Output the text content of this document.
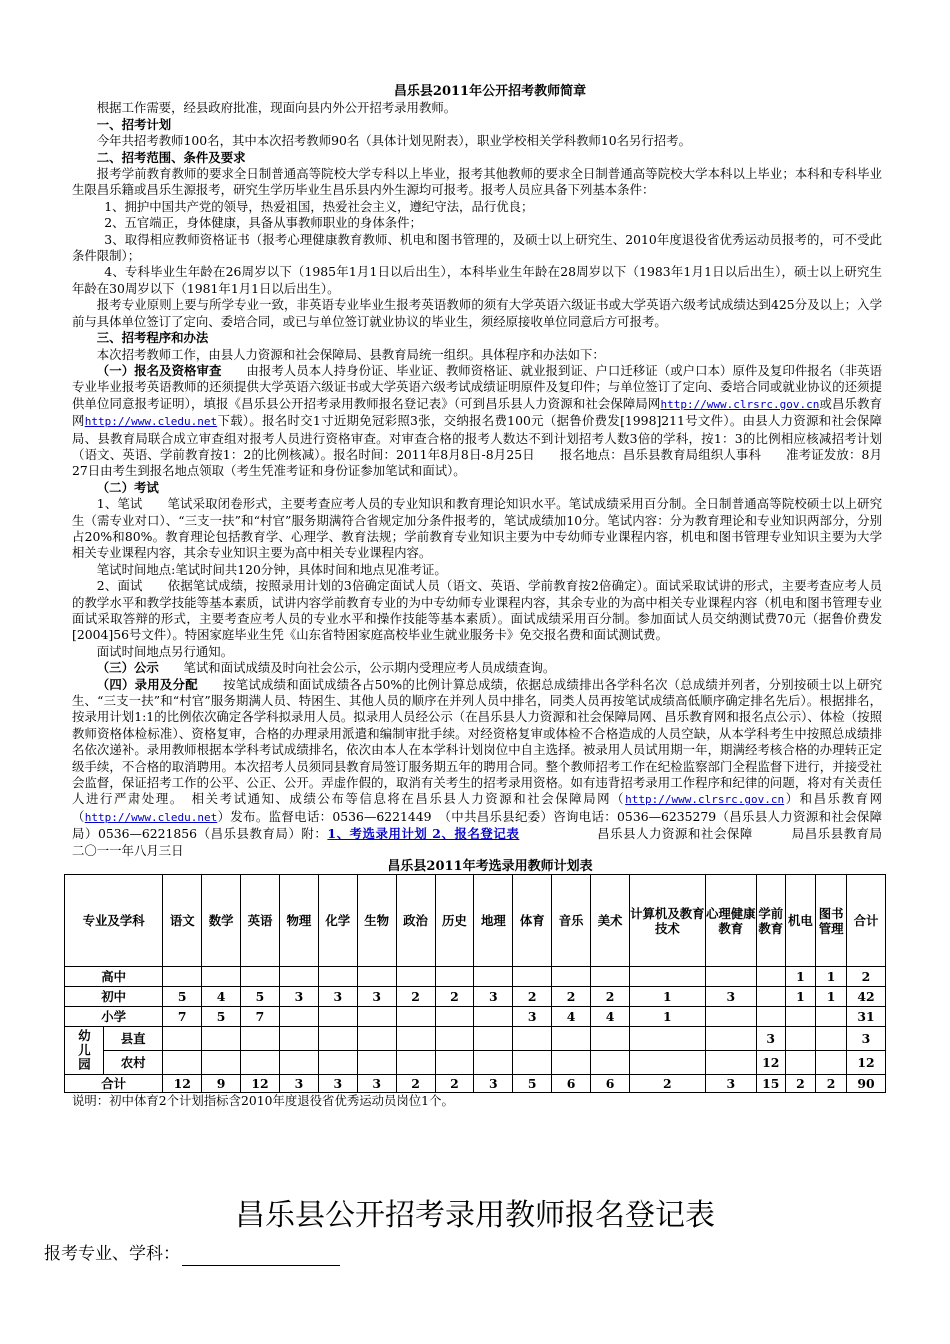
昌乐县2011年公开招考教师简章

根据工作需要，经县政府批准，现面向县内外公开招考录用教师。

一、招考计划

今年共招考教师100名，其中本次招考教师90名（具体计划见附表），职业学校相关学科教师10名另行招考。

二、招考范围、条件及要求

报考学前教育教师的要求全日制普通高等院校大学专科以上毕业，报考其他教师的要求全日制普通高等院校大学本科以上毕业；本科和专科毕业生限昌乐籍或昌乐生源报考，研究生学历毕业生昌乐县内外生源均可报考。报考人员应具备下列基本条件：

1、拥护中国共产党的领导，热爱祖国，热爱社会主义，遵纪守法，品行优良；

2、五官端正，身体健康，具备从事教师职业的身体条件；

3、取得相应教师资格证书（报考心理健康教育教师、机电和图书管理的，及硕士以上研究生、2010年度退役省优秀运动员报考的，可不受此条件限制）；

4、专科毕业生年龄在26周岁以下（1985年1月1日以后出生），本科毕业生年龄在28周岁以下（1983年1月1日以后出生），硕士以上研究生年龄在30周岁以下（1981年1月1日以后出生）。

报考专业原则上要与所学专业一致，非英语专业毕业生报考英语教师的须有大学英语六级证书或大学英语六级考试成绩达到425分及以上；入学前与具体单位签订了定向、委培合同，或已与单位签订就业协议的毕业生，须经原接收单位同意后方可报考。

三、招考程序和办法

本次招考教师工作，由县人力资源和社会保障局、县教育局统一组织。具体程序和办法如下：

（一）报名及资格审查　　 由报考人员本人持身份证、毕业证、教师资格证、就业报到证、户口迁移证（或户口本）原件及复印件报名（非英语专业毕业报考英语教师的还须提供大学英语六级证书或大学英语六级考试成绩证明原件及复印件；与单位签订了定向、委培合同或就业协议的还须提供单位同意报考证明），填报《昌乐县公开招考录用教师报名登记表》（可到昌乐县人力资源和社会保障局网http://www.clrsrc.gov.cn或昌乐教育网http://www.cledu.net下载）。报名时交1寸近期免冠彩照3张，交纳报名费100元（据鲁价费发[1998]211号文件）。由县人力资源和社会保障局、县教育局联合成立审查组对报考人员进行资格审查。对审查合格的报考人数达不到计划招考人数3倍的学科，按1：3的比例相应核减招考计划（语文、英语、学前教育按1：2的比例核减）。报名时间：2011年8月8日-8月25日　　报名地点：昌乐县教育局组织人事科　　准考证发放：8月27日由考生到报名地点领取（考生凭准考证和身份证参加笔试和面试）。

（二）考试

1、笔试　　笔试采取闭卷形式，主要考查应考人员的专业知识和教育理论知识水平。笔试成绩采用百分制。全日制普通高等院校硕士以上研究生（需专业对口）、“三支一扶”和“村官”服务期满符合省规定加分条件报考的，笔试成绩加10分。笔试内容：分为教育理论和专业知识两部分，分别占20%和80%。教育理论包括教育学、心理学、教育法规；学前教育专业知识主要为中专幼师专业课程内容，机电和图书管理专业知识主要为大学相关专业课程内容，其余专业知识主要为高中相关专业课程内容。

笔试时间地点:笔试时间共120分钟，具体时间和地点见准考证。

2、面试　　依据笔试成绩，按照录用计划的3倍确定面试人员（语文、英语、学前教育按2倍确定）。面试采取试讲的形式，主要考查应考人员的教学水平和教学技能等基本素质，试讲内容学前教育专业的为中专幼师专业课程内容，其余专业的为高中相关专业课程内容（机电和图书管理专业面试采取答辩的形式，主要考查应考人员的专业水平和操作技能等基本素质）。面试成绩采用百分制。参加面试人员交纳测试费70元（据鲁价费发[2004]56号文件）。特困家庭毕业生凭《山东省特困家庭高校毕业生就业服务卡》免交报名费和面试测试费。

面试时间地点另行通知。

（三）公示　　 笔试和面试成绩及时向社会公示，公示期内受理应考人员成绩查询。

（四）录用及分配　　 按笔试成绩和面试成绩各占50%的比例计算总成绩，依据总成绩排出各学科名次（总成绩并列者，分别按硕士以上研究生、“三支一扶”和“村官”服务期满人员、特困生、其他人员的顺序在并列人员中排名，同类人员再按笔试成绩高低顺序确定排名先后）。根据排名，按录用计划1:1的比例依次确定各学科拟录用人员。拟录用人员经公示（在昌乐县人力资源和社会保障局网、昌乐教育网和报名点公示）、体检（按照教师资格体检标准）、资格复审，合格的办理录用派遣和编制审批手续。对经资格复审或体检不合格造成的人员空缺，从本学科考生中按照总成绩排名依次递补。录用教师根据本学科考试成绩排名，依次由本人在本学科计划岗位中自主选择。被录用人员试用期一年，期满经考核合格的办理转正定级手续，不合格的取消聘用。本次招考人员须同县教育局签订服务期五年的聘用合同。整个教师招考工作在纪检监察部门全程监督下进行，并接受社会监督，保证招考工作的公平、公正、公开。弄虚作假的，取消有关考生的招考录用资格。如有违背招考录用工作程序和纪律的问题，将对有关责任人进行严肃处理。　相关考试通知、成绩公布等信息将在昌乐县人力资源和社会保障局网（http://www.clrsrc.gov.cn）和昌乐教育网（http://www.cledu.net）发布。监督电话：0536—6221449　（中共昌乐县纪委）咨询电话：0536—6235279（昌乐县人力资源和社会保障局）0536—6221856（昌乐县教育局）附：1、考选录用计划 2、报名登记表　　　　　　昌乐县人力资源和社会保障　　　局昌乐县教育局　　　　　二〇一一年八月三日

昌乐县2011年考选录用教师计划表

专业及学科		语文	数学	英语	物理	化学	生物	政治	历史	地理	体育	音乐	美术	计算机及教育技术	心理健康教育	学前教育	机电	图书管理	合计
高中																	1	1	2
初中		5	4	5	3	3	3	2	2	3	2	2	2	1	3		1	1	42
小学		7	5	7							3	4	4	1					31
幼儿园	县直															3			3
	农村															12			12
合计		12	9	12	3	3	3	2	2	3	5	6	6	2	3	15	2	2	90

说明：初中体育2个计划指标含2010年度退役省优秀运动员岗位1个。

昌乐县公开招考录用教师报名登记表
报考专业、学科：
